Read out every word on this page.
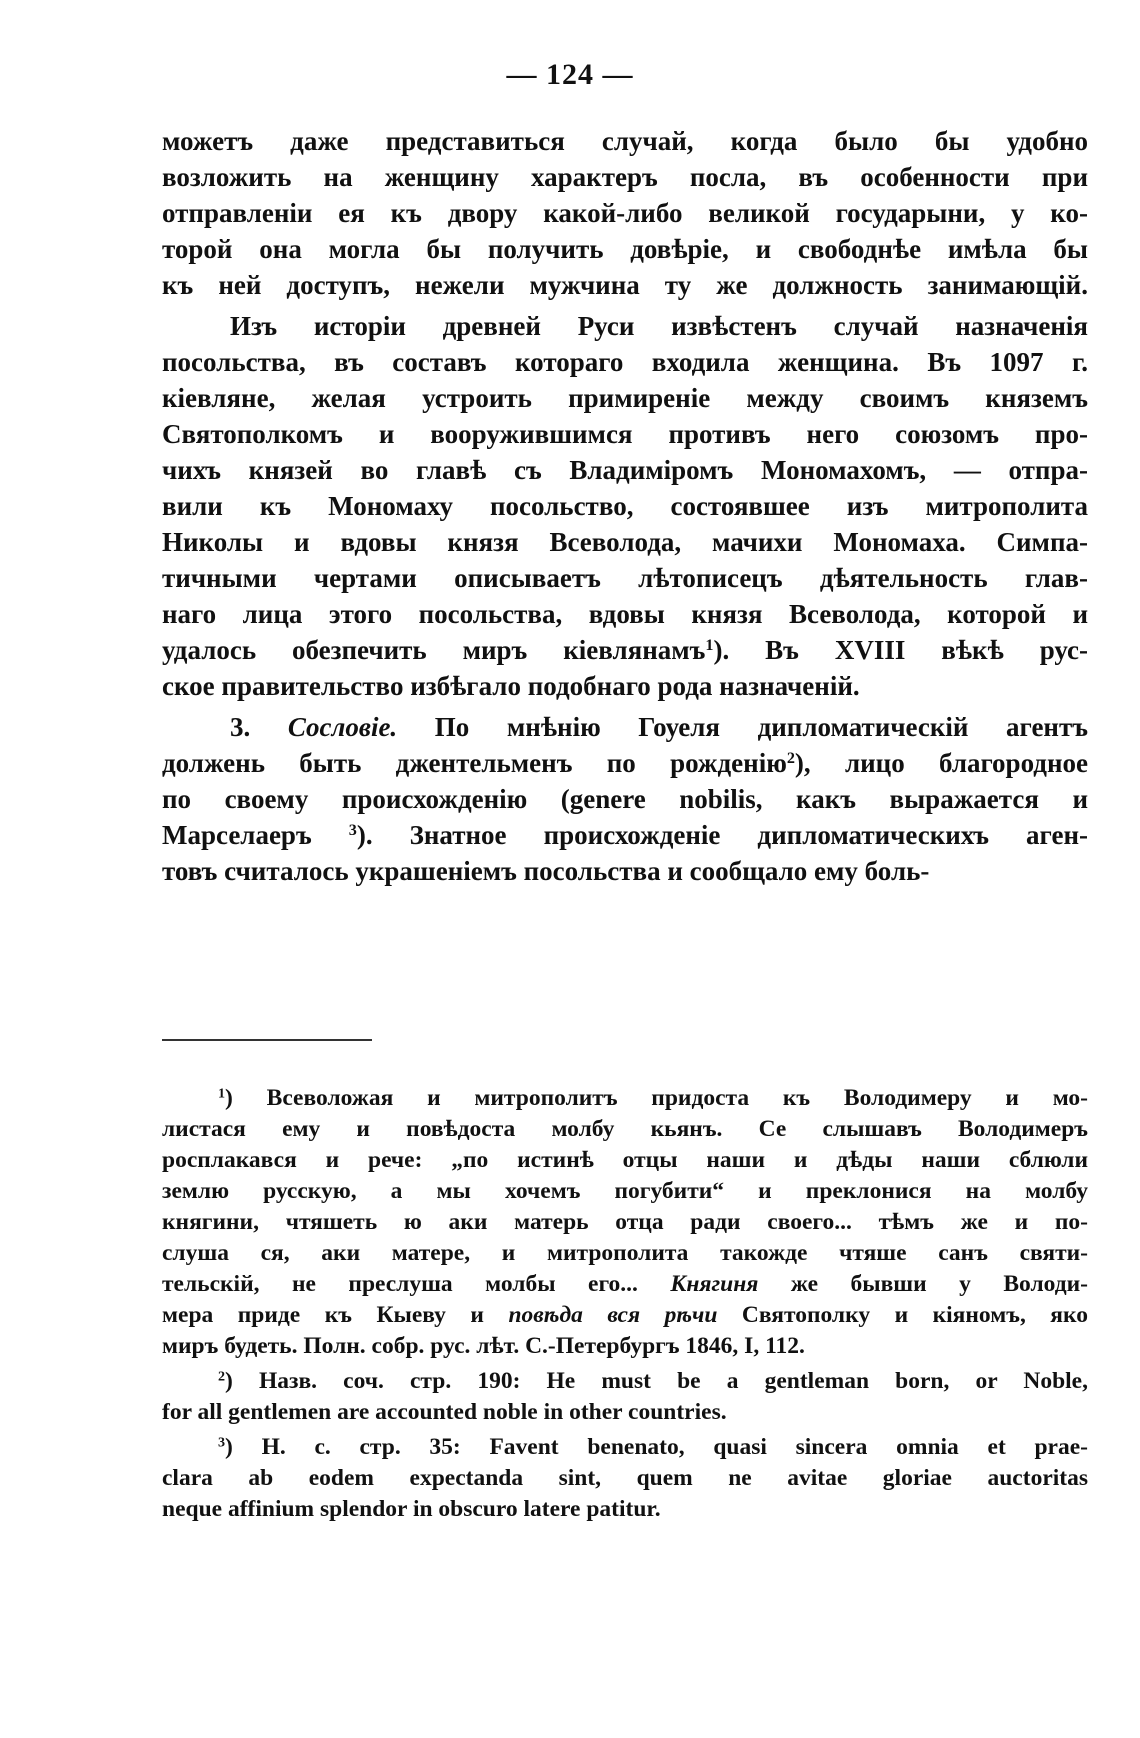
— 124 —
можетъ даже представиться случай, когда было бы удобно
возложить на женщину характеръ посла, въ особенности при
отправленіи ея къ двору какой-либо великой государыни, у ко-
торой она могла бы получить довѣріе, и свободнѣе имѣла бы
къ ней доступъ, нежели мужчина ту же должность занимающій.
Изъ исторіи древней Руси извѣстенъ случай назначенія
посольства, въ составъ котораго входила женщина. Въ 1097 г.
кіевляне, желая устроить примиреніе между своимъ княземъ
Святополкомъ и вооружившимся противъ него союзомъ про-
чихъ князей во главѣ съ Владиміромъ Мономахомъ, — отпра-
вили къ Мономаху посольство, состоявшее изъ митрополита
Николы и вдовы князя Всеволода, мачихи Мономаха. Симпа-
тичными чертами описываетъ лѣтописецъ дѣятельность глав-
наго лица этого посольства, вдовы князя Всеволода, которой и
удалось обезпечить миръ кіевлянамъ$^1$). Въ XVIII вѣкѣ рус-
ское правительство избѣгало подобнаго рода назначеній.
3. Сословіе. По мнѣнію Гоуеля дипломатическій агентъ
должень быть джентельменъ по рожденію$^2$), лицо благородное
по своему происхожденію (genere nobilis, какъ выражается и
Марселаеръ $^3$). Знатное происхожденіе дипломатическихъ аген-
товъ считалось украшеніемъ посольства и сообщало ему боль-
$^1$) Всеволожая и митрополитъ придоста къ Володимеру и мо-
листася ему и повѣдоста молбу кьянъ. Се слышавъ Володимеръ
росплакався и рече: „по истинѣ отцы наши и дѣды наши сблюли
землю русскую, а мы хочемъ погубити“ и преклонися на молбу
княгини, чтяшеть ю аки матерь отца ради своего... тѣмъ же и по-
слуша ся, аки матере, и митрополита такожде чтяше санъ святи-
тельскій, не преслуша молбы его... Княгиня же бывши у Володи-
мера приде къ Кыеву и повѣда вся рѣчи Святополку и кіяномъ, яко
миръ будеть. Полн. собр. рус. лѣт. С.-Петербургъ 1846, I, 112.
$^2$) Назв. соч. стр. 190: He must be a gentleman born, or Noble,
for all gentlemen are accounted noble in other countries.
$^3$) Н. с. стр. 35: Favent benenato, quasi sincera omnia et prae-
clara ab eodem expectanda sint, quem ne avitae gloriae auctoritas
neque affinium splendor in obscuro latere patitur.
